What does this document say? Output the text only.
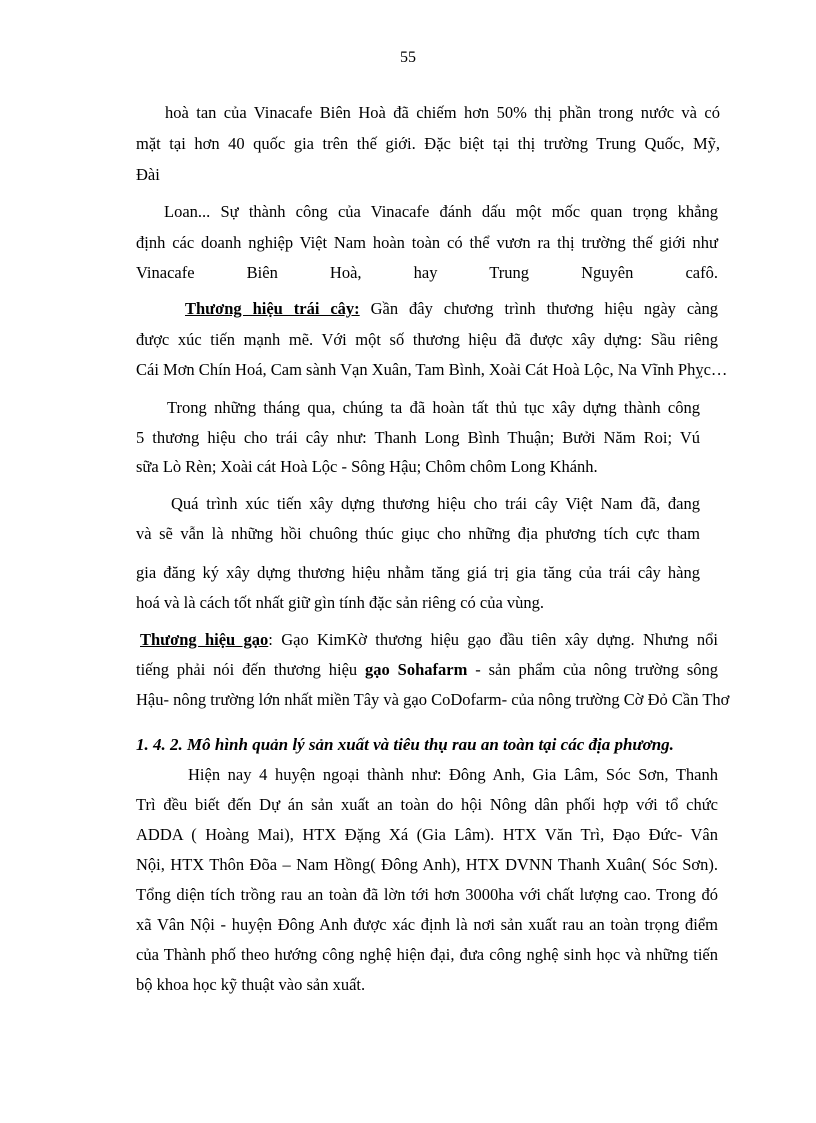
55
hoà tan của Vinacafe Biên Hoà đã chiếm hơn 50% thị phần trong nước và có
mặt tại hơn 40 quốc gia trên thế giới. Đặc biệt tại thị trường Trung Quốc, Mỹ,
Đài
Loan... Sự thành công của Vinacafe đánh dấu một mốc quan trọng khẳng
định các doanh nghiệp Việt Nam hoàn toàn có thể vươn ra thị trường thế giới như
Vinacafe Biên Hoà, hay Trung Nguyên cafô.
Thương hiệu trái cây: Gần đây chương trình thương hiệu ngày càng
được xúc tiến mạnh mẽ. Với một số thương hiệu đã được xây dựng: Sầu riêng
Cái Mơn Chín Hoá, Cam sành Vạn Xuân, Tam Bình, Xoài Cát Hoà Lộc, Na Vĩnh Phỵc…
Trong những tháng qua, chúng ta đã hoàn tất thủ tục xây dựng thành công
5 thương hiệu cho trái cây như: Thanh Long Bình Thuận; Bưởi Năm Roi; Vú
sữa Lò Rèn; Xoài cát Hoà Lộc - Sông Hậu; Chôm chôm Long Khánh.
Quá trình xúc tiến xây dựng thương hiệu cho trái cây Việt Nam đã, đang
và sẽ vẫn là những hồi chuông thúc giục cho những địa phương tích cực tham
gia đăng ký xây dựng thương hiệu nhằm tăng giá trị gia tăng của trái cây hàng
hoá và là cách tốt nhất giữ gìn tính đặc sản riêng có của vùng.
Thương hiệu gạo: Gạo KimKờ thương hiệu gạo đầu tiên xây dựng. Nhưng nổi
tiếng phải nói đến thương hiệu gạo Sohafarm - sản phẩm của nông trường sông
Hậu- nông trường lớn nhất miền Tây và gạo CoDofarm- của nông trường Cờ Đỏ Cần Thơ
1. 4. 2. Mô hình quản lý sản xuất và tiêu thụ rau an toàn tại các địa phương.
Hiện nay 4 huyện ngoại thành như: Đông Anh, Gia Lâm, Sóc Sơn, Thanh
Trì đều biết đến Dự án sản xuất an toàn do hội Nông dân phối hợp với tổ chức
ADDA ( Hoàng Mai), HTX Đặng Xá (Gia Lâm). HTX Văn Trì, Đạo Đức- Vân
Nội, HTX Thôn Đõa – Nam Hồng( Đông Anh), HTX DVNN Thanh Xuân( Sóc Sơn).
Tổng diện tích trồng rau an toàn đã lờn tới hơn 3000ha với chất lượng cao. Trong đó
xã Vân Nội - huyện Đông Anh được xác định là nơi sản xuất rau an toàn trọng điểm
của Thành phố theo hướng công nghệ hiện đại, đưa công nghệ sinh học và những tiến
bộ khoa học kỹ thuật vào sản xuất.
